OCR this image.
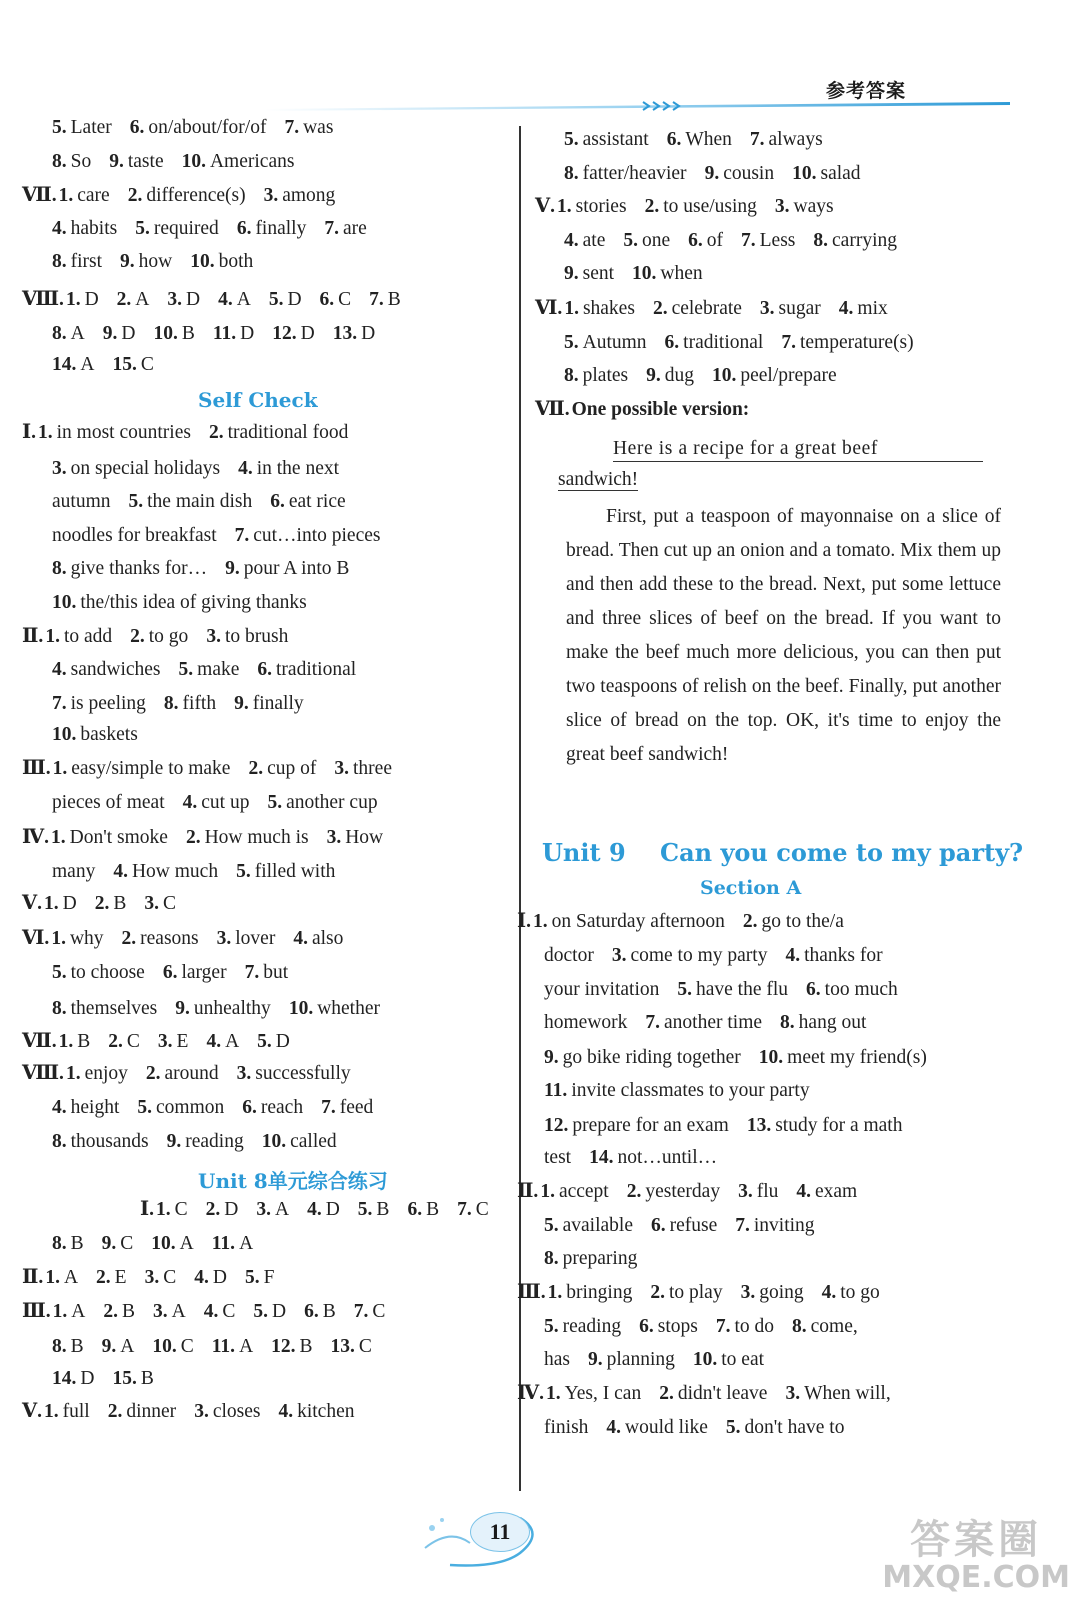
参考答案
5. Later 6. on/about/for/of 7. was
8. So 9. taste 10. Americans
Ⅶ. 1. care 2. difference(s) 3. among
4. habits 5. required 6. finally 7. are
8. first 9. how 10. both
Ⅷ. 1. D 2. A 3. D 4. A 5. D 6. C 7. B
8. A 9. D 10. B 11. D 12. D 13. D
14. A 15. C
Self Check
Ⅰ. 1. in most countries 2. traditional food
3. on special holidays 4. in the next
autumn 5. the main dish 6. eat rice
noodles for breakfast 7. cut…into pieces
8. give thanks for… 9. pour A into B
10. the/this idea of giving thanks
Ⅱ. 1. to add 2. to go 3. to brush
4. sandwiches 5. make 6. traditional
7. is peeling 8. fifth 9. finally
10. baskets
Ⅲ. 1. easy/simple to make 2. cup of 3. three
pieces of meat 4. cut up 5. another cup
Ⅳ. 1. Don't smoke 2. How much is 3. How
many 4. How much 5. filled with
Ⅴ. 1. D 2. B 3. C
Ⅵ. 1. why 2. reasons 3. lover 4. also
5. to choose 6. larger 7. but
8. themselves 9. unhealthy 10. whether
Ⅶ. 1. B 2. C 3. E 4. A 5. D
Ⅷ. 1. enjoy 2. around 3. successfully
4. height 5. common 6. reach 7. feed
8. thousands 9. reading 10. called
Unit 8单元综合练习
Ⅰ. 1. C 2. D 3. A 4. D 5. B 6. B 7. C
8. B 9. C 10. A 11. A
Ⅱ. 1. A 2. E 3. C 4. D 5. F
Ⅲ. 1. A 2. B 3. A 4. C 5. D 6. B 7. C
8. B 9. A 10. C 11. A 12. B 13. C
14. D 15. B
Ⅴ. 1. full 2. dinner 3. closes 4. kitchen
5. assistant 6. When 7. always
8. fatter/heavier 9. cousin 10. salad
Ⅴ. 1. stories 2. to use/using 3. ways
4. ate 5. one 6. of 7. Less 8. carrying
9. sent 10. when
Ⅵ. 1. shakes 2. celebrate 3. sugar 4. mix
5. Autumn 6. traditional 7. temperature(s)
8. plates 9. dug 10. peel/prepare
Ⅶ. One possible version:
Here is a recipe for a great beef
sandwich!
First, put a teaspoon of mayonnaise on a slice of bread. Then cut up an onion and a tomato. Mix them up and then add these to the bread. Next, put some lettuce and three slices of beef on the bread. If you want to make the beef much more delicious, you can then put two teaspoons of relish on the beef. Finally, put another slice of bread on the top. OK, it's time to enjoy the great beef sandwich!
Unit 9 Can you come to my party?
Section A
11	答案圈
MXQE.COM
Ⅰ. 1. on Saturday afternoon 2. go to the/a
doctor 3. come to my party 4. thanks for
your invitation 5. have the flu 6. too much
homework 7. another time 8. hang out
9. go bike riding together 10. meet my friend(s)
11. invite classmates to your party
12. prepare for an exam 13. study for a math
test 14. not…until…
Ⅱ. 1. accept 2. yesterday 3. flu 4. exam
5. available 6. refuse 7. inviting
8. preparing
Ⅲ. 1. bringing 2. to play 3. going 4. to go
5. reading 6. stops 7. to do 8. come,
has 9. planning 10. to eat
Ⅳ. 1. Yes, I can 2. didn't leave 3. When will,
finish 4. would like 5. don't have to
